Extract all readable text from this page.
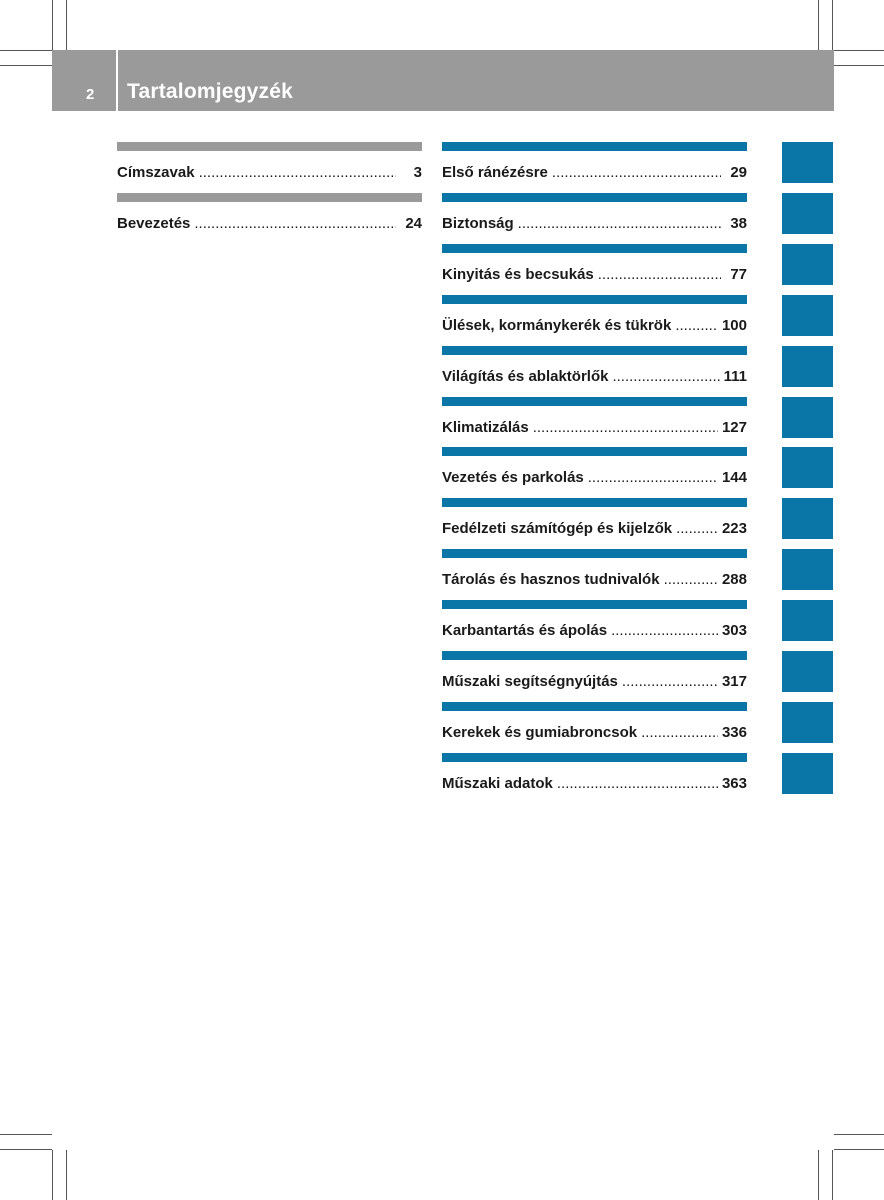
2 Tartalomjegyzék
Címszavak .....	3
Bevezetés .....	24
Első ránézésre .....	29
Biztonság .....	38
Kinyitás és becsukás .....	77
Ülések, kormánykerék és tükrök .....	100
Világítás és ablaktörlők .....	111
Klimatizálás .....	127
Vezetés és parkolás .....	144
Fedélzeti számítógép és kijelzők .....	223
Tárolás és hasznos tudnivalók .....	288
Karbantartás és ápolás .....	303
Műszaki segítségnyújtás .....	317
Kerekek és gumiabroncsok .....	336
Műszaki adatok .....	363
